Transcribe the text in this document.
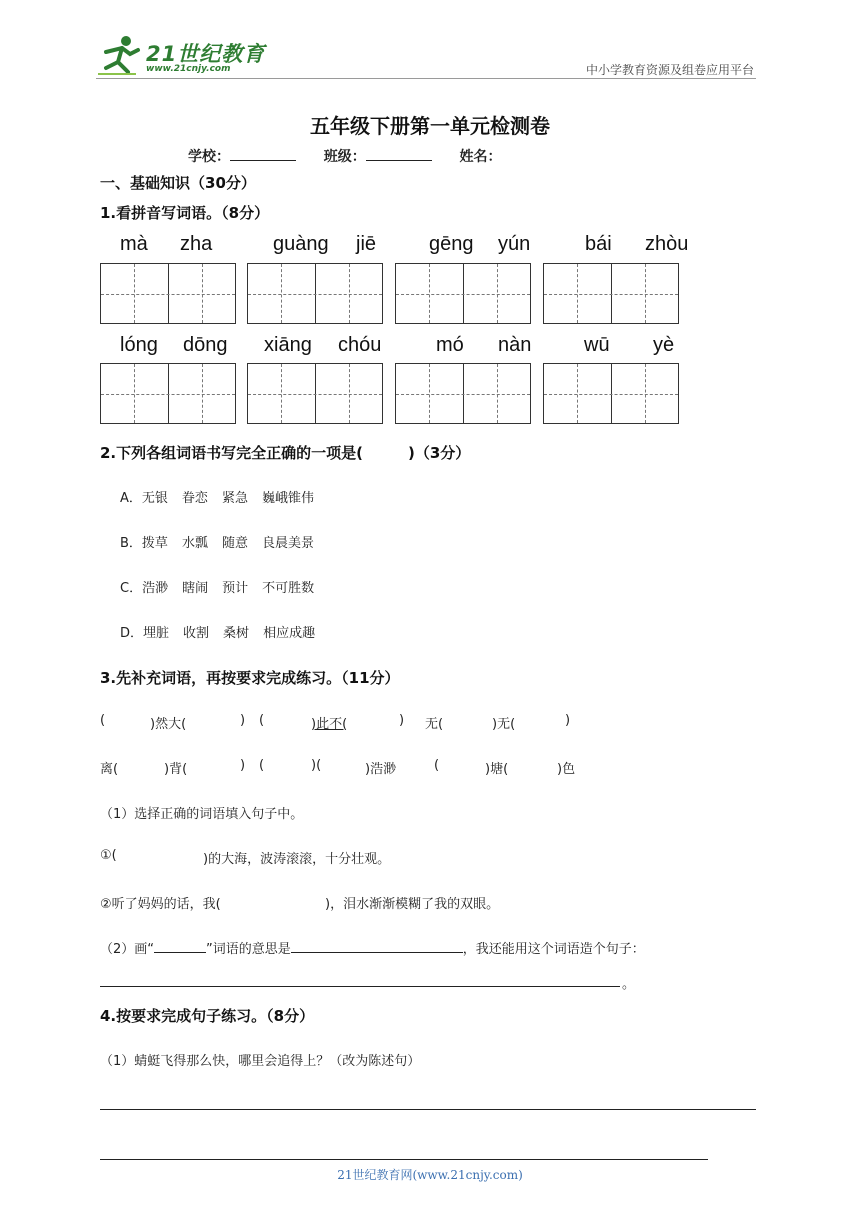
21世纪教育
www.21cnjy.com	中小学教育资源及组卷应用平台
五年级下册第一单元检测卷
学校：	班级：	姓名：
一、基础知识（30分）
1.看拼音写词语。（8分）
mà zha	guàng jiē	gēng yún	bái zhòu
lóng dōng xiāng chóu	mó nàn	wū yè
2.下列各组词语书写完全正确的一项是(　　　)（3分）
A．无银 眷恋 紧急 巍峨锥伟
B．拨草 水瓢 随意 良晨美景
C．浩渺 瞎闹 预计 不可胜数
D．埋脏 收割 桑树 相应成趣
3.先补充词语，再按要求完成练习。（11分）
(	)然大(	) (	)此不(	) 无(	)无(	)
离(	)背(	) (	)(	)浩渺	(	)塘(	)色
（1）选择正确的词语填入句子中。
①(	)的大海，波涛滚滚，十分壮观。
②听了妈妈的话，我(	)，泪水渐渐模糊了我的双眼。
（2）画“	”词语的意思是	，我还能用这个词语造个句子：
。
4.按要求完成句子练习。（8分）
（1）蜻蜓飞得那么快，哪里会追得上？（改为陈述句）
21世纪教育网(www.21cnjy.com)
